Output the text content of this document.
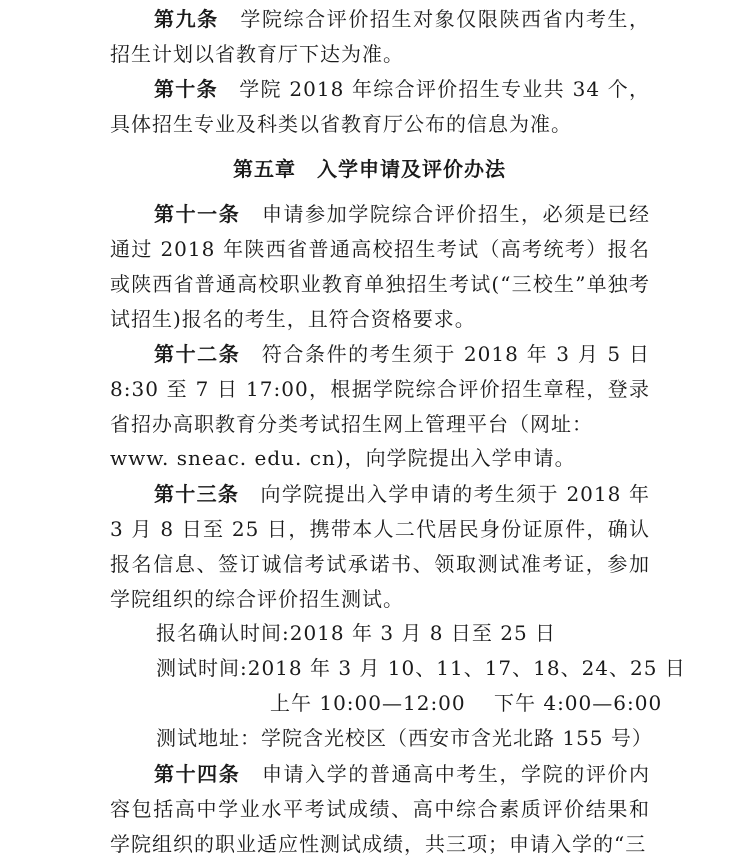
第九条　 学院综合评价招生对象仅限陕西省内考生，招生计划以省教育厅下达为准。

第十条　 学院 2018 年综合评价招生专业共 34 个，具体招生专业及科类以省教育厅公布的信息为准。

第五章　入学申请及评价办法

第十一条　 申请参加学院综合评价招生，必须是已经通过 2018 年陕西省普通高校招生考试（高考统考）报名或陕西省普通高校职业教育单独招生考试(“三校生”单独考试招生)报名的考生，且符合资格要求。

第十二条　 符合条件的考生须于 2018 年 3 月 5 日 8:30 至 7 日 17:00，根据学院综合评价招生章程，登录省招办高职教育分类考试招生网上管理平台（网址：

www. sneac. edu. cn)，向学院提出入学申请。

第十三条　 向学院提出入学申请的考生须于 2018 年 3 月 8 日至 25 日，携带本人二代居民身份证原件，确认报名信息、签订诚信考试承诺书、领取测试准考证，参加学院组织的综合评价招生测试。

报名确认时间:2018 年 3 月 8 日至 25 日

测试时间:2018 年 3 月 10、11、17、18、24、25 日

上午 10:00—12:00　 下午 4:00—6:00

测试地址：学院含光校区（西安市含光北路 155 号）

第十四条　 申请入学的普通高中考生，学院的评价内容包括高中学业水平考试成绩、高中综合素质评价结果和学院组织的职业适应性测试成绩，共三项；申请入学的“三
